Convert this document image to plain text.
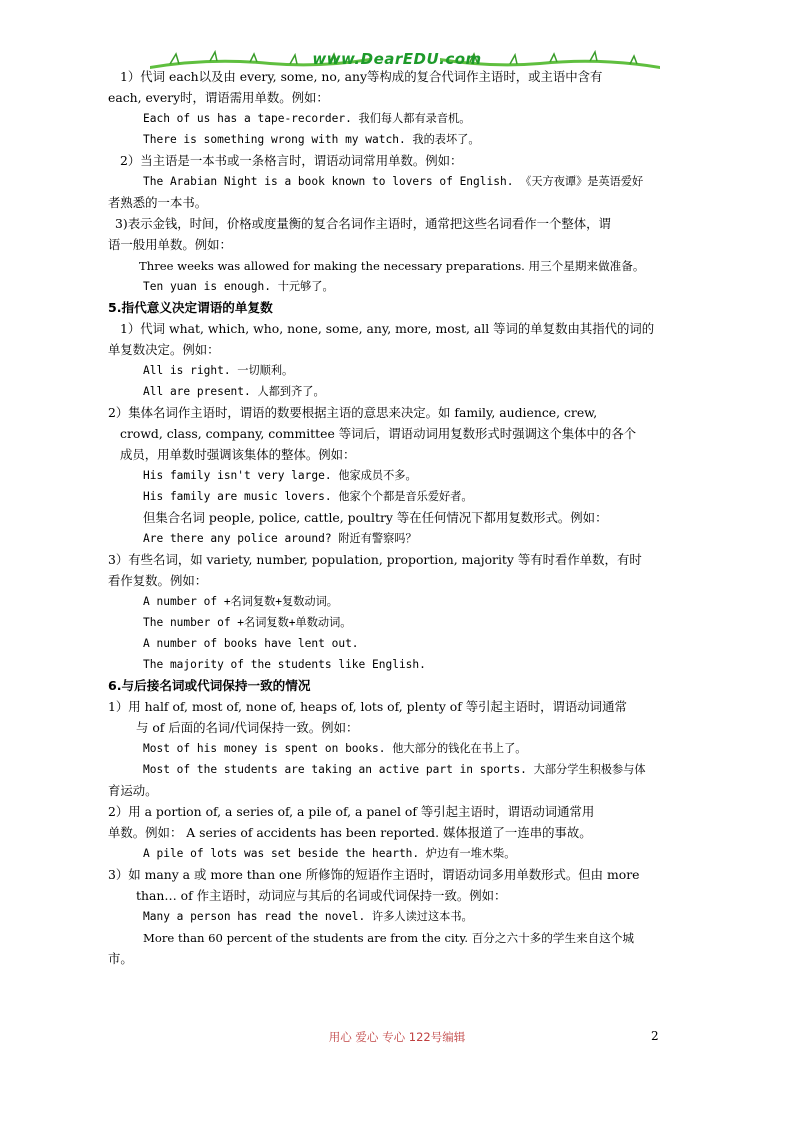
www.DearEDU.com
1）代词 each以及由 every, some, no, any等构成的复合代词作主语时，或主语中含有
each, every时，谓语需用单数。例如：
Each of us has a tape-recorder. 我们每人都有录音机。
There is something wrong with my watch. 我的表坏了。
2）当主语是一本书或一条格言时，谓语动词常用单数。例如：
The Arabian Night is a book known to lovers of English. 《天方夜谭》是英语爱好
者熟悉的一本书。
3)表示金钱，时间，价格或度量衡的复合名词作主语时，通常把这些名词看作一个整体，谓
语一般用单数。例如：
Three weeks was allowed for making the necessary preparations. 用三个星期来做准备。
Ten yuan is enough. 十元够了。
5.指代意义决定谓语的单复数
1）代词 what, which, who, none, some, any, more, most, all 等词的单复数由其指代的词的
单复数决定。例如：
All is right. 一切顺利。
All are present. 人都到齐了。
2）集体名词作主语时，谓语的数要根据主语的意思来决定。如 family, audience, crew,
crowd, class, company, committee 等词后，谓语动词用复数形式时强调这个集体中的各个
成员，用单数时强调该集体的整体。例如：
His family isn't very large. 他家成员不多。
His family are music lovers. 他家个个都是音乐爱好者。
但集合名词 people, police, cattle, poultry 等在任何情况下都用复数形式。例如：
Are there any police around? 附近有警察吗？
3）有些名词，如 variety, number, population, proportion, majority 等有时看作单数，有时
看作复数。例如：
A number of +名词复数+复数动词。
The number of +名词复数+单数动词。
A number of books have lent out.
The majority of the students like English.
6.与后接名词或代词保持一致的情况
1）用 half of, most of, none of, heaps of, lots of, plenty of 等引起主语时，谓语动词通常
与 of 后面的名词/代词保持一致。例如：
Most of his money is spent on books. 他大部分的钱化在书上了。
Most of the students are taking an active part in sports. 大部分学生积极参与体
育运动。
2）用 a portion of, a series of, a pile of, a panel of 等引起主语时，谓语动词通常用
单数。例如： A series of accidents has been reported. 媒体报道了一连串的事故。
A pile of lots was set beside the hearth. 炉边有一堆木柴。
3）如 many a 或 more than one 所修饰的短语作主语时，谓语动词多用单数形式。但由 more
than… of 作主语时，动词应与其后的名词或代词保持一致。例如：
Many a person has read the novel. 许多人读过这本书。
More than 60 percent of the students are from the city. 百分之六十多的学生来自这个城
市。
用心 爱心 专心 122号编辑	2
